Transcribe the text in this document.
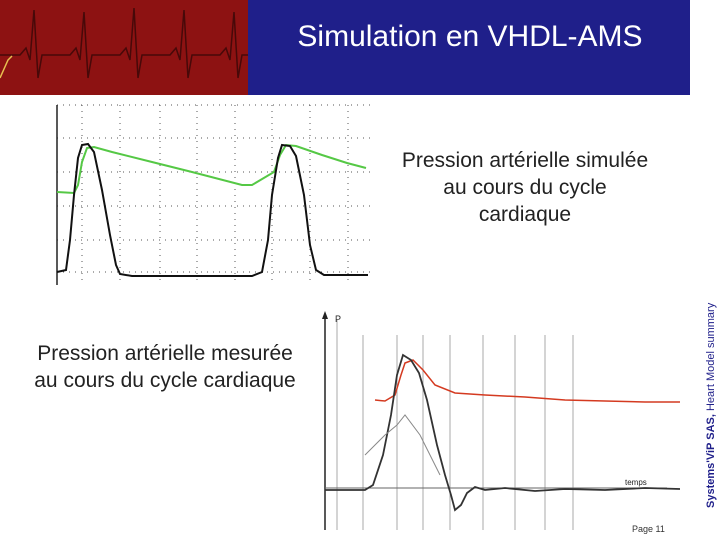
Simulation en VHDL-AMS
Pression artérielle simulée au cours du cycle cardiaque
P
temps
Pression artérielle mesurée au cours du cycle cardiaque
Systems'ViP SAS, Heart Model summary
Page 11
